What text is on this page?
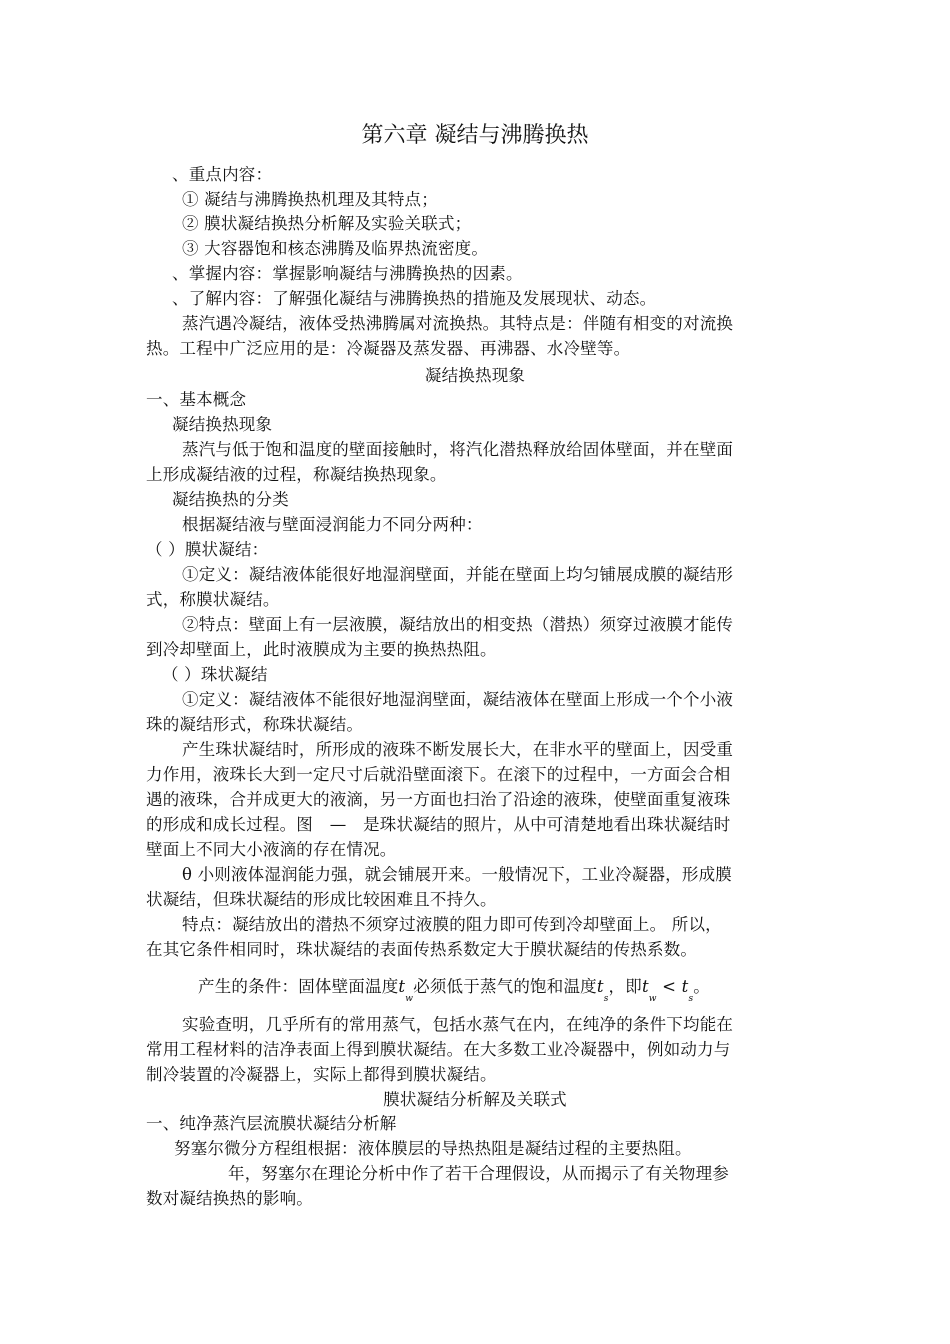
第六章 凝结与沸腾换热

、重点内容：

① 凝结与沸腾换热机理及其特点；

② 膜状凝结换热分析解及实验关联式；

③ 大容器饱和核态沸腾及临界热流密度。

、掌握内容：掌握影响凝结与沸腾换热的因素。

、了解内容：了解强化凝结与沸腾换热的措施及发展现状、动态。

蒸汽遇冷凝结，液体受热沸腾属对流换热。其特点是：伴随有相变的对流换

热。工程中广泛应用的是：冷凝器及蒸发器、再沸器、水冷壁等。

凝结换热现象

一、基本概念

凝结换热现象

蒸汽与低于饱和温度的壁面接触时，将汽化潜热释放给固体壁面，并在壁面

上形成凝结液的过程，称凝结换热现象。

凝结换热的分类

根据凝结液与壁面浸润能力不同分两种：

（ ）膜状凝结：

①定义：凝结液体能很好地湿润壁面，并能在壁面上均匀铺展成膜的凝结形

式，称膜状凝结。

②特点：壁面上有一层液膜，凝结放出的相变热（潜热）须穿过液膜才能传

到冷却壁面上，此时液膜成为主要的换热热阻。

（ ）珠状凝结

①定义：凝结液体不能很好地湿润壁面，凝结液体在壁面上形成一个个小液

珠的凝结形式，称珠状凝结。

产生珠状凝结时，所形成的液珠不断发展长大，在非水平的壁面上，因受重

力作用，液珠长大到一定尺寸后就沿壁面滚下。在滚下的过程中，一方面会合相

遇的液珠，合并成更大的液滴，另一方面也扫治了沿途的液珠，使壁面重复液珠

的形成和成长过程。图　—　是珠状凝结的照片，从中可清楚地看出珠状凝结时

壁面上不同大小液滴的存在情况。

θ 小则液体湿润能力强，就会铺展开来。一般情况下，工业冷凝器，形成膜

状凝结，但珠状凝结的形成比较困难且不持久。

特点：凝结放出的潜热不须穿过液膜的阻力即可传到冷却壁面上。 所以，

在其它条件相同时，珠状凝结的表面传热系数定大于膜状凝结的传热系数。

产生的条件：固体壁面温度$t_w$必须低于蒸气的饱和温度$t_s$，即$t_w < t_s$。

实验查明，几乎所有的常用蒸气，包括水蒸气在内，在纯净的条件下均能在

常用工程材料的洁净表面上得到膜状凝结。在大多数工业冷凝器中，例如动力与

制冷装置的冷凝器上，实际上都得到膜状凝结。

膜状凝结分析解及关联式

一、纯净蒸汽层流膜状凝结分析解

努塞尔微分方程组根据：液体膜层的导热热阻是凝结过程的主要热阻。

年，努塞尔在理论分析中作了若干合理假设，从而揭示了有关物理参

数对凝结换热的影响。
